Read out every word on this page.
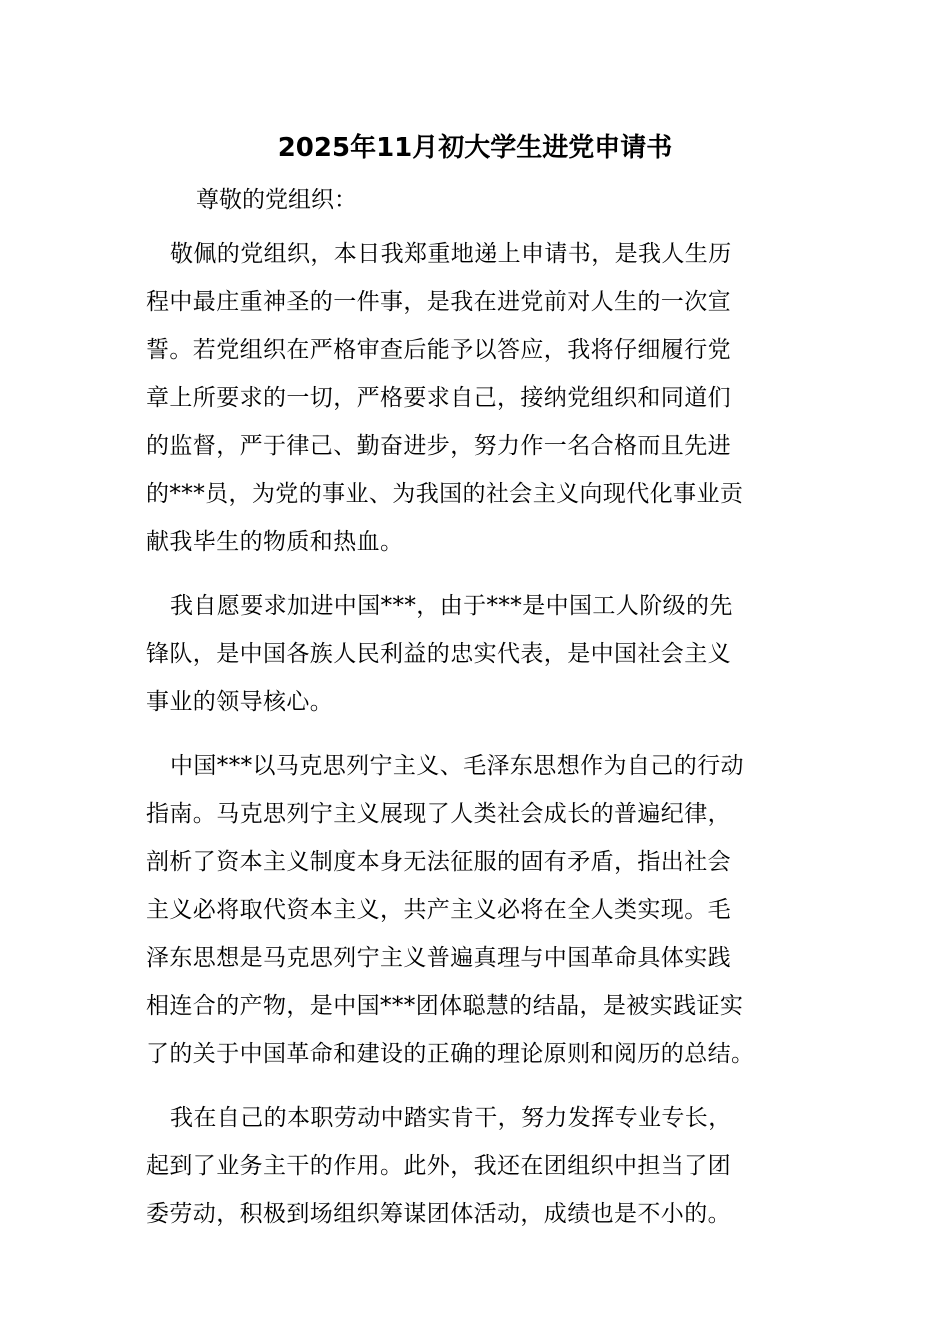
2025年11月初大学生进党申请书

尊敬的党组织：

敬佩的党组织，本日我郑重地递上申请书，是我人生历
程中最庄重神圣的一件事，是我在进党前对人生的一次宣
誓。若党组织在严格审查后能予以答应，我将仔细履行党
章上所要求的一切，严格要求自己，接纳党组织和同道们
的监督，严于律己、勤奋进步，努力作一名合格而且先进
的***员，为党的事业、为我国的社会主义向现代化事业贡
献我毕生的物质和热血。
我自愿要求加进中国***，由于***是中国工人阶级的先
锋队，是中国各族人民利益的忠实代表，是中国社会主义
事业的领导核心。
中国***以马克思列宁主义、毛泽东思想作为自己的行动
指南。马克思列宁主义展现了人类社会成长的普遍纪律，
剖析了资本主义制度本身无法征服的固有矛盾，指出社会
主义必将取代资本主义，共产主义必将在全人类实现。毛
泽东思想是马克思列宁主义普遍真理与中国革命具体实践
相连合的产物，是中国***团体聪慧的结晶，是被实践证实
了的关于中国革命和建设的正确的理论原则和阅历的总结。
我在自己的本职劳动中踏实肯干，努力发挥专业专长，
起到了业务主干的作用。此外，我还在团组织中担当了团
委劳动，积极到场组织筹谋团体活动，成绩也是不小的。
